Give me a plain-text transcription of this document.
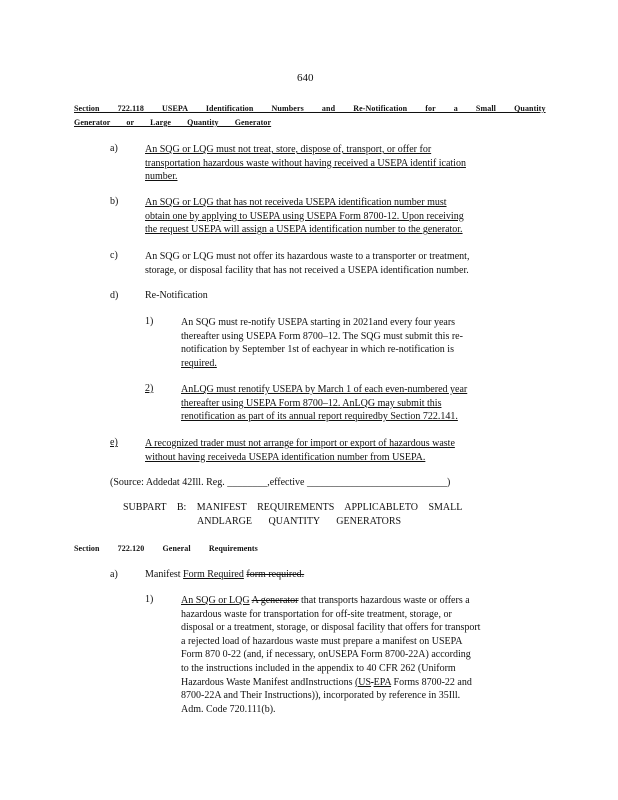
640
Section 722.118 USEPA Identification Numbers and Re-Notification for a Small Quantity
Generator or Large Quantity Generator
a)	An SQG or LQG must not treat, store, dispose of, transport, or offer for
transportation hazardous waste without having received a USEPA identif ication
number.
b)	An SQG or LQG that has not receiveda USEPA identification number must
obtain one by applying to USEPA using USEPA Form 8700-12. Upon receiving
the request USEPA will assign a USEPA identification number to the generator.
c)	An SQG or LQG must not offer its hazardous waste to a transporter or treatment,
storage, or disposal facility that has not received a USEPA identification number.
d)	Re-Notification
1)	An SQG must re-notify USEPA starting in 2021and every four years
thereafter using USEPA Form 8700–12. The SQG must submit this re-
notification by September 1st of eachyear in which re-notification is
required.
2)	AnLQG must renotify USEPA by March 1 of each even-numbered year
thereafter using USEPA Form 8700–12. AnLQG may submit this
renotification as part of its annual report requiredby Section 722.141.
e)	A recognized trader must not arrange for import or export of hazardous waste
without having receiveda USEPA identification number from USEPA.
(Source: Addedat 42Ill. Reg. ________,effective ____________________________)
SUBPART B: MANIFEST REQUIREMENTS APPLICABLETO SMALL
ANDLARGE QUANTITY GENERATORS
Section 722.120 General Requirements
a)	Manifest Form Required form required.
1)	An SQG or LQG A generator that transports hazardous waste or offers a
hazardous waste for transportation for off-site treatment, storage, or
disposal or a treatment, storage, or disposal facility that offers for transport
a rejected load of hazardous waste must prepare a manifest on USEPA
Form 870 0-22 (and, if necessary, onUSEPA Form 8700-22A) according
to the instructions included in the appendix to 40 CFR 262 (Uniform
Hazardous Waste Manifest andInstructions (US EPA Forms 8700-22 and
8700-22A and Their Instructions)), incorporated by reference in 35Ill.
Adm. Code 720.111(b).
